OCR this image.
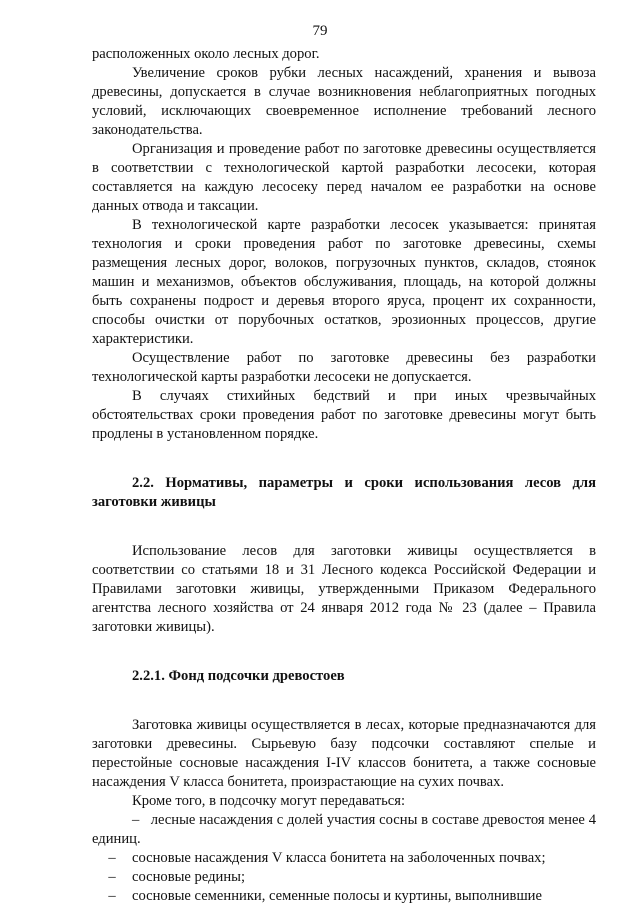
79

расположенных около лесных дорог.

Увеличение сроков рубки лесных насаждений, хранения и вывоза древесины, допускается в случае возникновения неблагоприятных погодных условий, исключающих своевременное исполнение требований лесного законодательства.

Организация и проведение работ по заготовке древесины осуществляется в соответствии с технологической картой разработки лесосеки, которая составляется на каждую лесосеку перед началом ее разработки на основе данных отвода и таксации.

В технологической карте разработки лесосек указывается: принятая технология и сроки проведения работ по заготовке древесины, схемы размещения лесных дорог, волоков, погрузочных пунктов, складов, стоянок машин и механизмов, объектов обслуживания, площадь, на которой должны быть сохранены подрост и деревья второго яруса, процент их сохранности, способы очистки от порубочных остатков, эрозионных процессов, другие характеристики.

Осуществление работ по заготовке древесины без разработки технологической карты разработки лесосеки не допускается.

В случаях стихийных бедствий и при иных чрезвычайных обстоятельствах сроки проведения работ по заготовке древесины могут быть продлены в установленном порядке.

2.2. Нормативы, параметры и сроки использования лесов для заготовки живицы

Использование лесов для заготовки живицы осуществляется в соответствии со статьями 18 и 31 Лесного кодекса Российской Федерации и Правилами заготовки живицы, утвержденными Приказом Федерального агентства лесного хозяйства от 24 января 2012 года № 23 (далее – Правила заготовки живицы).

2.2.1. Фонд подсочки древостоев

Заготовка живицы осуществляется в лесах, которые предназначаются для заготовки древесины. Сырьевую базу подсочки составляют спелые и перестойные сосновые насаждения I-IV классов бонитета, а также сосновые насаждения V класса бонитета, произрастающие на сухих почвах.

Кроме того, в подсочку могут передаваться:

– лесные насаждения с долей участия сосны в составе древостоя менее 4 единиц.

–	сосновые насаждения V класса бонитета на заболоченных почвах;
–	сосновые редины;
–	сосновые семенники, семенные полосы и куртины, выполнившие
